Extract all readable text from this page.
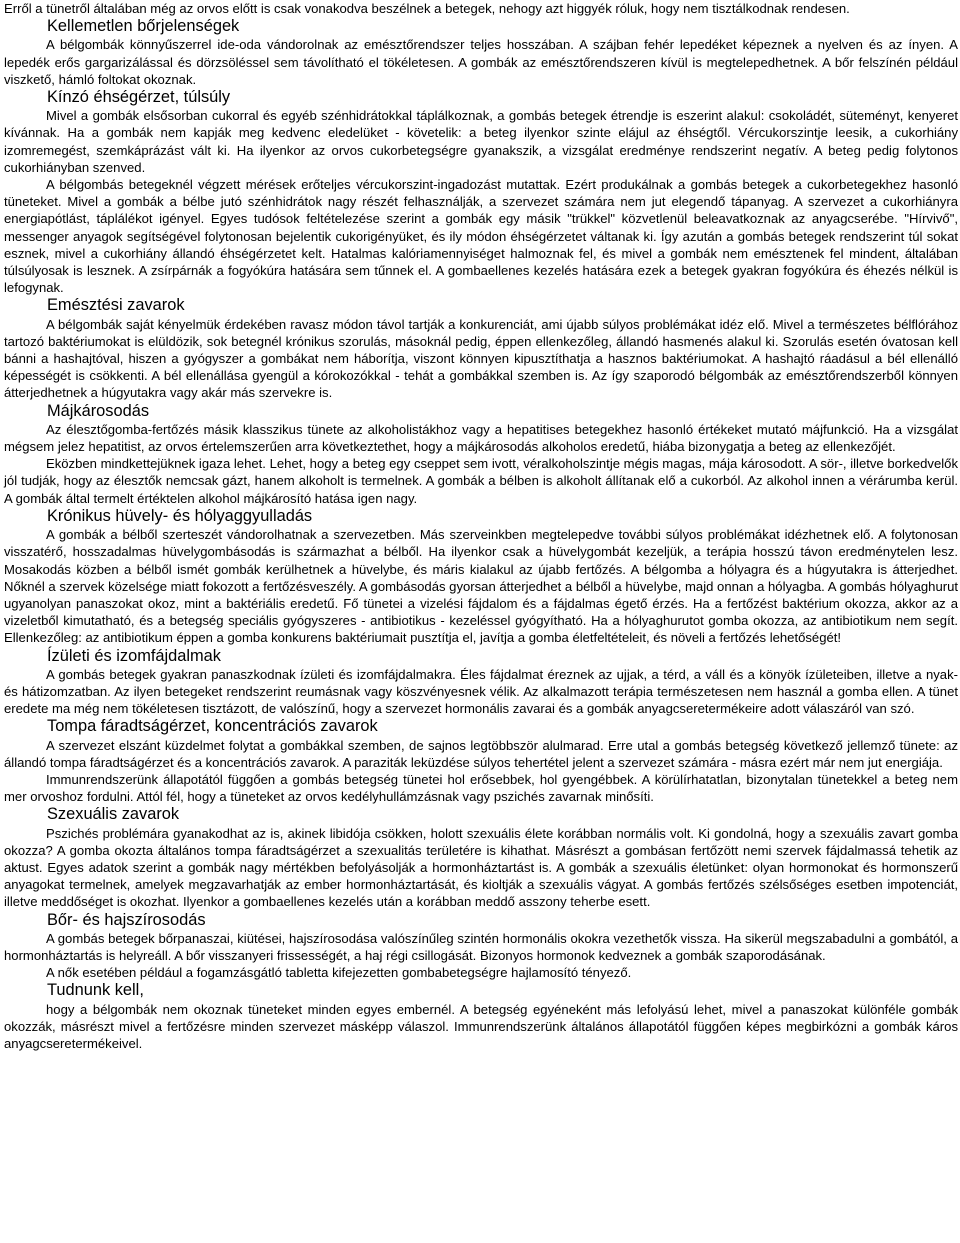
Erről a tünetről általában még az orvos előtt is csak vonakodva beszélnek a betegek, nehogy azt higgyék róluk, hogy nem tisztálkodnak rendesen.

Kellemetlen bőrjelenségek

A bélgombák könnyűszerrel ide-oda vándorolnak az emésztőrendszer teljes hosszában. A szájban fehér lepedéket képeznek a nyelven és az ínyen. A lepedék erős gargarizálással és dörzsöléssel sem távolítható el tökéletesen. A gombák az emésztőrendszeren kívül is megtelepedhetnek. A bőr felszínén például viszkető, hámló foltokat okoznak.

Kínzó éhségérzet, túlsúly

Mivel a gombák elsősorban cukorral és egyéb szénhidrátokkal táplálkoznak, a gombás betegek étrendje is eszerint alakul: csokoládét, süteményt, kenyeret kívánnak. Ha a gombák nem kapják meg kedvenc eledelüket - követelik: a beteg ilyenkor szinte elájul az éhségtől. Vércukorszintje leesik, a cukorhiány izomremegést, szemkáprázást vált ki. Ha ilyenkor az orvos cukorbetegségre gyanakszik, a vizsgálat eredménye rendszerint negatív. A beteg pedig folytonos cukorhiányban szenved.

A bélgombás betegeknél végzett mérések erőteljes vércukorszint-ingadozást mutattak. Ezért produkálnak a gombás betegek a cukorbetegekhez hasonló tüneteket. Mivel a gombák a bélbe jutó szénhidrátok nagy részét felhasználják, a szervezet számára nem jut elegendő tápanyag. A szervezet a cukorhiányra energiapótlást, táplálékot igényel. Egyes tudósok feltételezése szerint a gombák egy másik "trükkel" közvetlenül beleavatkoznak az anyagcserébe. "Hírvivő", messenger anyagok segítségével folytonosan bejelentik cukorigényüket, és ily módon éhségérzetet váltanak ki. Így azután a gombás betegek rendszerint túl sokat esznek, mivel a cukorhiány állandó éhségérzetet kelt. Hatalmas kalóriamennyiséget halmoznak fel, és mivel a gombák nem emésztenek fel mindent, általában túlsúlyosak is lesznek. A zsírpárnák a fogyókúra hatására sem tűnnek el. A gombaellenes kezelés hatására ezek a betegek gyakran fogyókúra és éhezés nélkül is lefogynak.

Emésztési zavarok

A bélgombák saját kényelmük érdekében ravasz módon távol tartják a konkurenciát, ami újabb súlyos problémákat idéz elő. Mivel a természetes bélflórához tartozó baktériumokat is elüldözik, sok betegnél krónikus szorulás, másoknál pedig, éppen ellenkezőleg, állandó hasmenés alakul ki. Szorulás esetén óvatosan kell bánni a hashajtóval, hiszen a gyógyszer a gombákat nem háborítja, viszont könnyen kipusztíthatja a hasznos baktériumokat. A hashajtó ráadásul a bél ellenálló képességét is csökkenti. A bél ellenállása gyengül a kórokozókkal - tehát a gombákkal szemben is. Az így szaporodó bélgombák az emésztőrendszerből könnyen átterjedhetnek a húgyutakra vagy akár más szervekre is.

Májkárosodás

Az élesztőgomba-fertőzés másik klasszikus tünete az alkoholistákhoz vagy a hepatitises betegekhez hasonló értékeket mutató májfunkció. Ha a vizsgálat mégsem jelez hepatitist, az orvos értelemszerűen arra következtethet, hogy a májkárosodás alkoholos eredetű, hiába bizonygatja a beteg az ellenkezőjét.

Eközben mindkettejüknek igaza lehet. Lehet, hogy a beteg egy cseppet sem ivott, véralkoholszintje mégis magas, mája károsodott. A sör-, illetve borkedvelők jól tudják, hogy az élesztők nemcsak gázt, hanem alkoholt is termelnek. A gombák a bélben is alkoholt állítanak elő a cukorból. Az alkohol innen a vérárumba kerül. A gombák által termelt értéktelen alkohol májkárosító hatása igen nagy.

Krónikus hüvely- és hólyaggyulladás

A gombák a bélből szerteszét vándorolhatnak a szervezetben. Más szerveinkben megtelepedve további súlyos problémákat idézhetnek elő. A folytonosan visszatérő, hosszadalmas hüvelygombásodás is származhat a bélből. Ha ilyenkor csak a hüvelygombát kezeljük, a terápia hosszú távon eredménytelen lesz. Mosakodás közben a bélből ismét gombák kerülhetnek a hüvelybe, és máris kialakul az újabb fertőzés. A bélgomba a hólyagra és a húgyutakra is átterjedhet. Nőknél a szervek közelsége miatt fokozott a fertőzésveszély. A gombásodás gyorsan átterjedhet a bélből a hüvelybe, majd onnan a hólyagba. A gombás hólyaghurut ugyanolyan panaszokat okoz, mint a baktériális eredetű. Fő tünetei a vizelési fájdalom és a fájdalmas égető érzés. Ha a fertőzést baktérium okozza, akkor az a vizeletből kimutatható, és a betegség speciális gyógyszeres - antibiotikus - kezeléssel gyógyítható. Ha a hólyaghurutot gomba okozza, az antibiotikum nem segít. Ellenkezőleg: az antibiotikum éppen a gomba konkurens baktériumait pusztítja el, javítja a gomba életfeltételeit, és növeli a fertőzés lehetőségét!

Ízületi és izomfájdalmak

A gombás betegek gyakran panaszkodnak ízületi és izomfájdalmakra. Éles fájdalmat éreznek az ujjak, a térd, a váll és a könyök ízületeiben, illetve a nyak- és hátizomzatban. Az ilyen betegeket rendszerint reumásnak vagy köszvényesnek vélik. Az alkalmazott terápia természetesen nem használ a gomba ellen. A tünet eredete ma még nem tökéletesen tisztázott, de valószínű, hogy a szervezet hormonális zavarai és a gombák anyagcseretermékeire adott válaszáról van szó.

Tompa fáradtságérzet, koncentrációs zavarok

A szervezet elszánt küzdelmet folytat a gombákkal szemben, de sajnos legtöbbször alulmarad. Erre utal a gombás betegség következő jellemző tünete: az állandó tompa fáradtságérzet és a koncentrációs zavarok. A paraziták leküzdése súlyos tehertétel jelent a szervezet számára - másra ezért már nem jut energiája.

Immunrendszerünk állapotától függően a gombás betegség tünetei hol erősebbek, hol gyengébbek. A körülírhatatlan, bizonytalan tünetekkel a beteg nem mer orvoshoz fordulni. Attól fél, hogy a tüneteket az orvos kedélyhullámzásnak vagy pszichés zavarnak minősíti.

Szexuális zavarok

Pszichés problémára gyanakodhat az is, akinek libidója csökken, holott szexuális élete korábban normális volt. Ki gondolná, hogy a szexuális zavart gomba okozza? A gomba okozta általános tompa fáradtságérzet a szexualitás területére is kihathat. Másrészt a gombásan fertőzött nemi szervek fájdalmassá tehetik az aktust. Egyes adatok szerint a gombák nagy mértékben befolyásolják a hormonháztartást is. A gombák a szexuális életünket: olyan hormonokat és hormonszerű anyagokat termelnek, amelyek megzavarhatják az ember hormonháztartását, és kioltják a szexuális vágyat. A gombás fertőzés szélsőséges esetben impotenciát, illetve meddőséget is okozhat. Ilyenkor a gombaellenes kezelés után a korábban meddő asszony teherbe esett.

Bőr- és hajszírosodás

A gombás betegek bőrpanaszai, kiütései, hajszírosodása valószínűleg szintén hormonális okokra vezethetők vissza. Ha sikerül megszabadulni a gombától, a hormonháztartás is helyreáll. A bőr visszanyeri frissességét, a haj régi csillogását. Bizonyos hormonok kedveznek a gombák szaporodásának.

A nők esetében például a fogamzásgátló tabletta kifejezetten gombabetegségre hajlamosító tényező.

Tudnunk kell,

hogy a bélgombák nem okoznak tüneteket minden egyes embernél. A betegség egyéneként más lefolyású lehet, mivel a panaszokat különféle gombák okozzák, másrészt mivel a fertőzésre minden szervezet másképp válaszol. Immunrendszerünk általános állapotától függően képes megbirkózni a gombák káros anyagcseretermékeivel.
